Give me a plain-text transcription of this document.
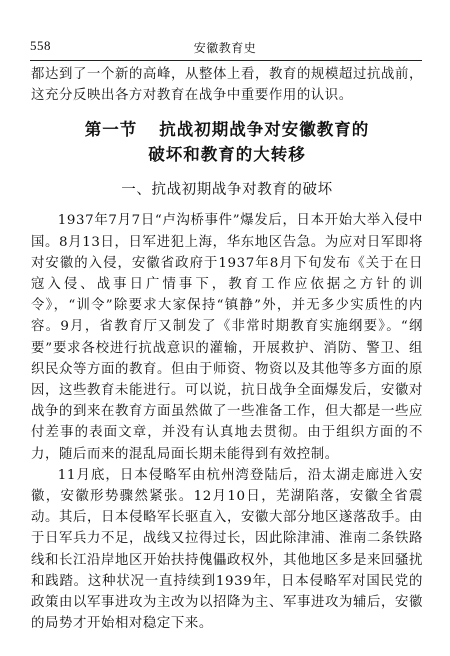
558	安徽教育史

都达到了一个新的高峰，从整体上看，教育的规模超过抗战前，这充分反映出各方对教育在战争中重要作用的认识。

第一节 抗战初期战争对安徽教育的
破坏和教育的大转移
一、抗战初期战争对教育的破坏

1937年7月7日“卢沟桥事件”爆发后，日本开始大举入侵中国。8月13日，日军进犯上海，华东地区告急。为应对日军即将对安徽的入侵，安徽省政府于1937年8月下旬发布《关于在日寇入侵、战事日广情事下，教育工作应依据之方针的训令》，“训令”除要求大家保持“镇静”外，并无多少实质性的内容。9月，省教育厅又制发了《非常时期教育实施纲要》。“纲要”要求各校进行抗战意识的灌输，开展救护、消防、警卫、组织民众等方面的教育。但由于师资、物资以及其他等多方面的原因，这些教育未能进行。可以说，抗日战争全面爆发后，安徽对战争的到来在教育方面虽然做了一些准备工作，但大都是一些应付差事的表面文章，并没有认真地去贯彻。由于组织方面的不力，随后而来的混乱局面长期未能得到有效控制。

11月底，日本侵略军由杭州湾登陆后，沿太湖走廊进入安徽，安徽形势骤然紧张。12月10日，芜湖陷落，安徽全省震动。其后，日本侵略军长驱直入，安徽大部分地区遂落敌手。由于日军兵力不足，战线又拉得过长，因此除津浦、淮南二条铁路线和长江沿岸地区开始扶持傀儡政权外，其他地区多是来回骚扰和践踏。这种状况一直持续到1939年，日本侵略军对国民党的政策由以军事进攻为主改为以招降为主、军事进攻为辅后，安徽的局势才开始相对稳定下来。
